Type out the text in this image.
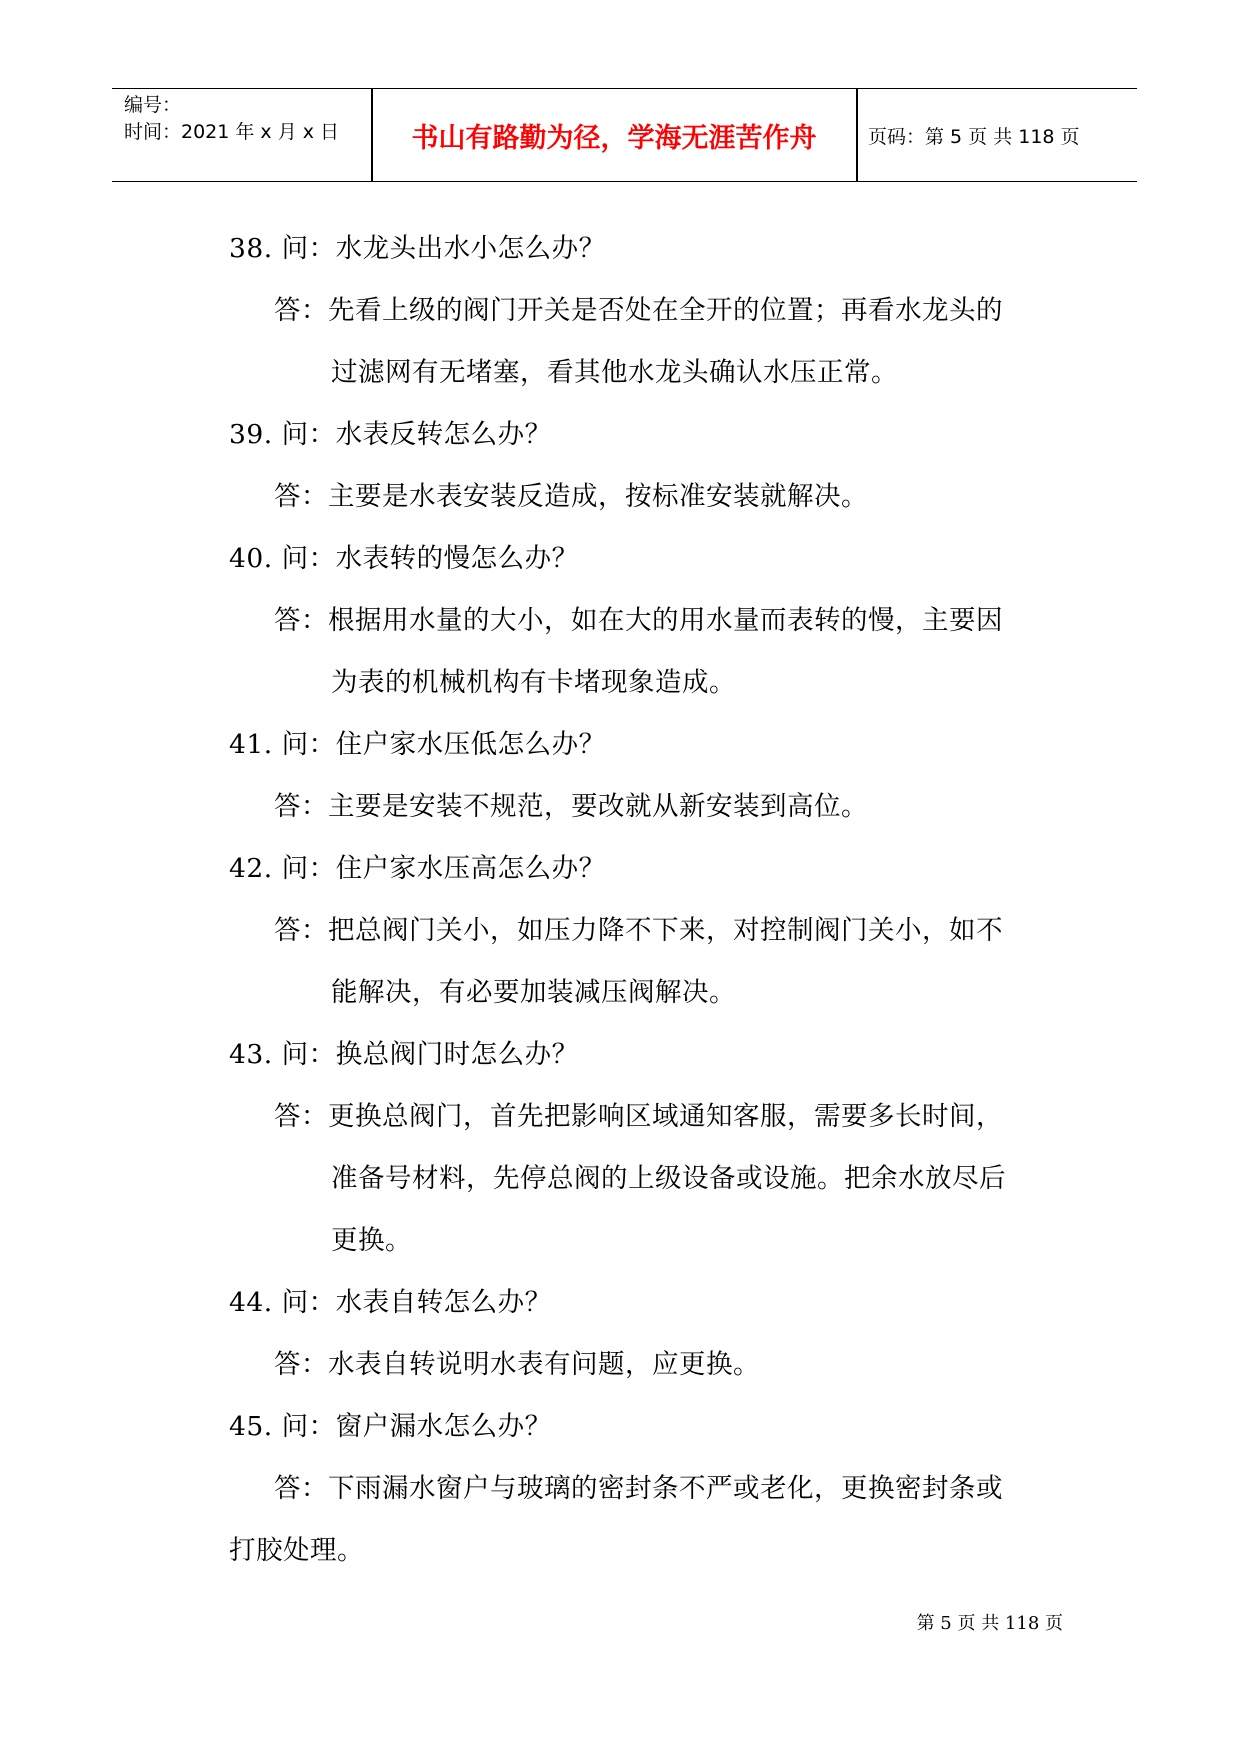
编号：
时间：2021 年 x 月 x 日	书山有路勤为径，学海无涯苦作舟	页码：第 5 页 共 118 页
38. 问：水龙头出水小怎么办？
答：先看上级的阀门开关是否处在全开的位置；再看水龙头的
过滤网有无堵塞，看其他水龙头确认水压正常。
39. 问：水表反转怎么办？
答：主要是水表安装反造成，按标准安装就解决。
40. 问：水表转的慢怎么办？
答：根据用水量的大小，如在大的用水量而表转的慢，主要因
为表的机械机构有卡堵现象造成。
41. 问：住户家水压低怎么办？
答：主要是安装不规范，要改就从新安装到高位。
42. 问：住户家水压高怎么办？
答：把总阀门关小，如压力降不下来，对控制阀门关小，如不
能解决，有必要加装减压阀解决。
43. 问：换总阀门时怎么办？
答：更换总阀门，首先把影响区域通知客服，需要多长时间，
准备号材料，先停总阀的上级设备或设施。把余水放尽后
更换。
44. 问：水表自转怎么办？
答：水表自转说明水表有问题，应更换。
45. 问：窗户漏水怎么办？
答：下雨漏水窗户与玻璃的密封条不严或老化，更换密封条或
打胶处理。
第 5 页 共 118 页
